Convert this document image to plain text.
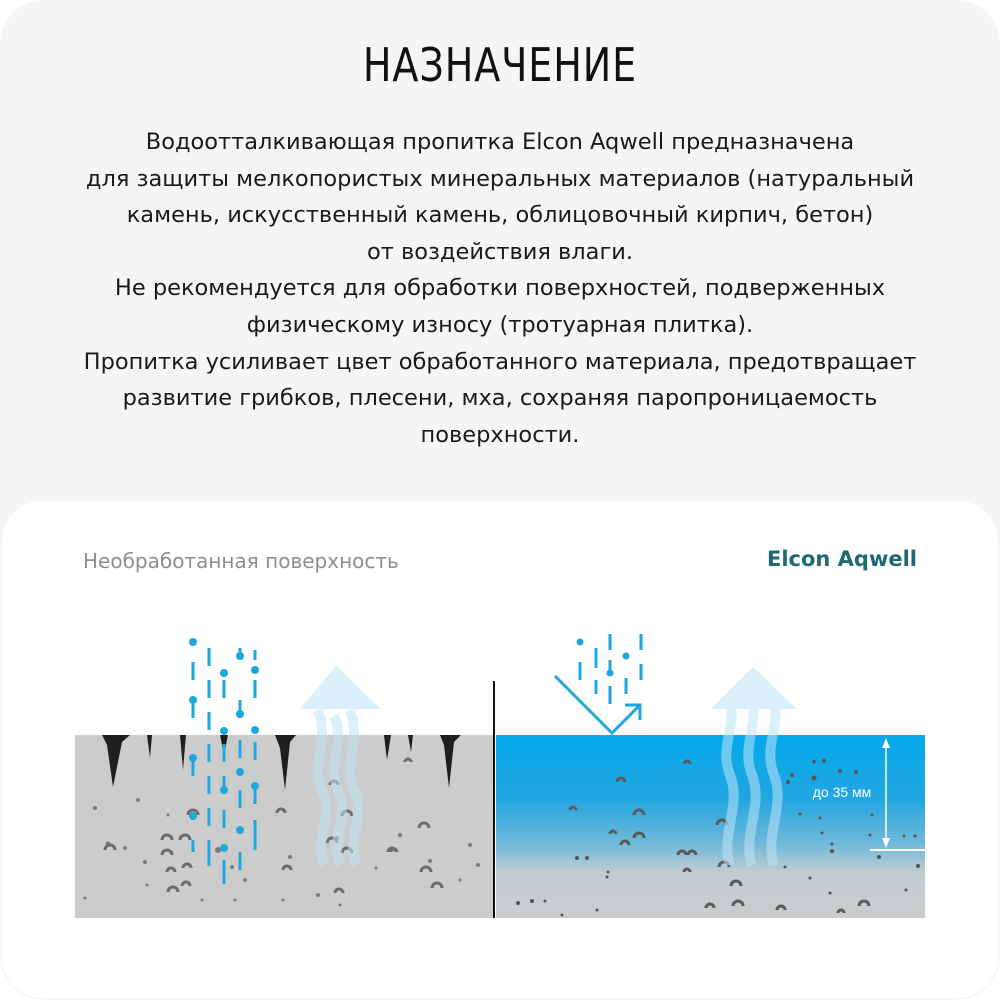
НАЗНАЧЕНИЕ
Водоотталкивающая пропитка Elcon Aqwell предназначена
для защиты мелкопористых минеральных материалов (натуральный
камень, искусственный камень, облицовочный кирпич, бетон)
от воздействия влаги.
Не рекомендуется для обработки поверхностей, подверженных
физическому износу (тротуарная плитка).
Пропитка усиливает цвет обработанного материала, предотвращает
развитие грибков, плесени, мха, сохраняя паропроницаемость
поверхности.
Необработанная поверхность	Elcon Aqwell
до 35 мм
